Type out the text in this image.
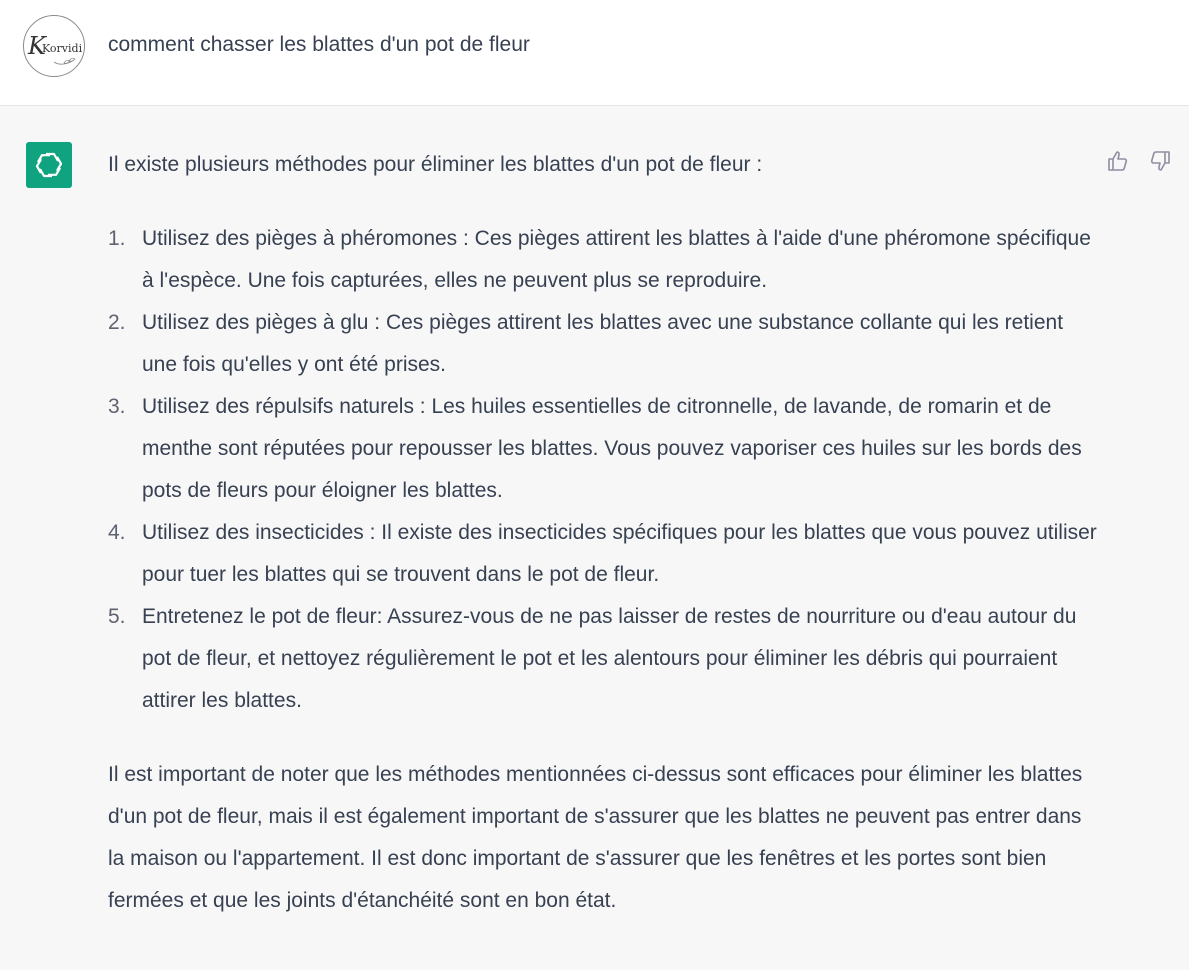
K
Korvidi comment chasser les blattes d'un pot de fleur

Il existe plusieurs méthodes pour éliminer les blattes d'un pot de fleur :

1. Utilisez des pièges à phéromones : Ces pièges attirent les blattes à l'aide d'une phéromone spécifique à l'espèce. Une fois capturées, elles ne peuvent plus se reproduire.
2. Utilisez des pièges à glu : Ces pièges attirent les blattes avec une substance collante qui les retient une fois qu'elles y ont été prises.
3. Utilisez des répulsifs naturels : Les huiles essentielles de citronnelle, de lavande, de romarin et de menthe sont réputées pour repousser les blattes. Vous pouvez vaporiser ces huiles sur les bords des pots de fleurs pour éloigner les blattes.
4. Utilisez des insecticides : Il existe des insecticides spécifiques pour les blattes que vous pouvez utiliser pour tuer les blattes qui se trouvent dans le pot de fleur.
5. Entretenez le pot de fleur: Assurez-vous de ne pas laisser de restes de nourriture ou d'eau autour du pot de fleur, et nettoyez régulièrement le pot et les alentours pour éliminer les débris qui pourraient attirer les blattes.

Il est important de noter que les méthodes mentionnées ci-dessus sont efficaces pour éliminer les blattes d'un pot de fleur, mais il est également important de s'assurer que les blattes ne peuvent pas entrer dans la maison ou l'appartement. Il est donc important de s'assurer que les fenêtres et les portes sont bien fermées et que les joints d'étanchéité sont en bon état.
